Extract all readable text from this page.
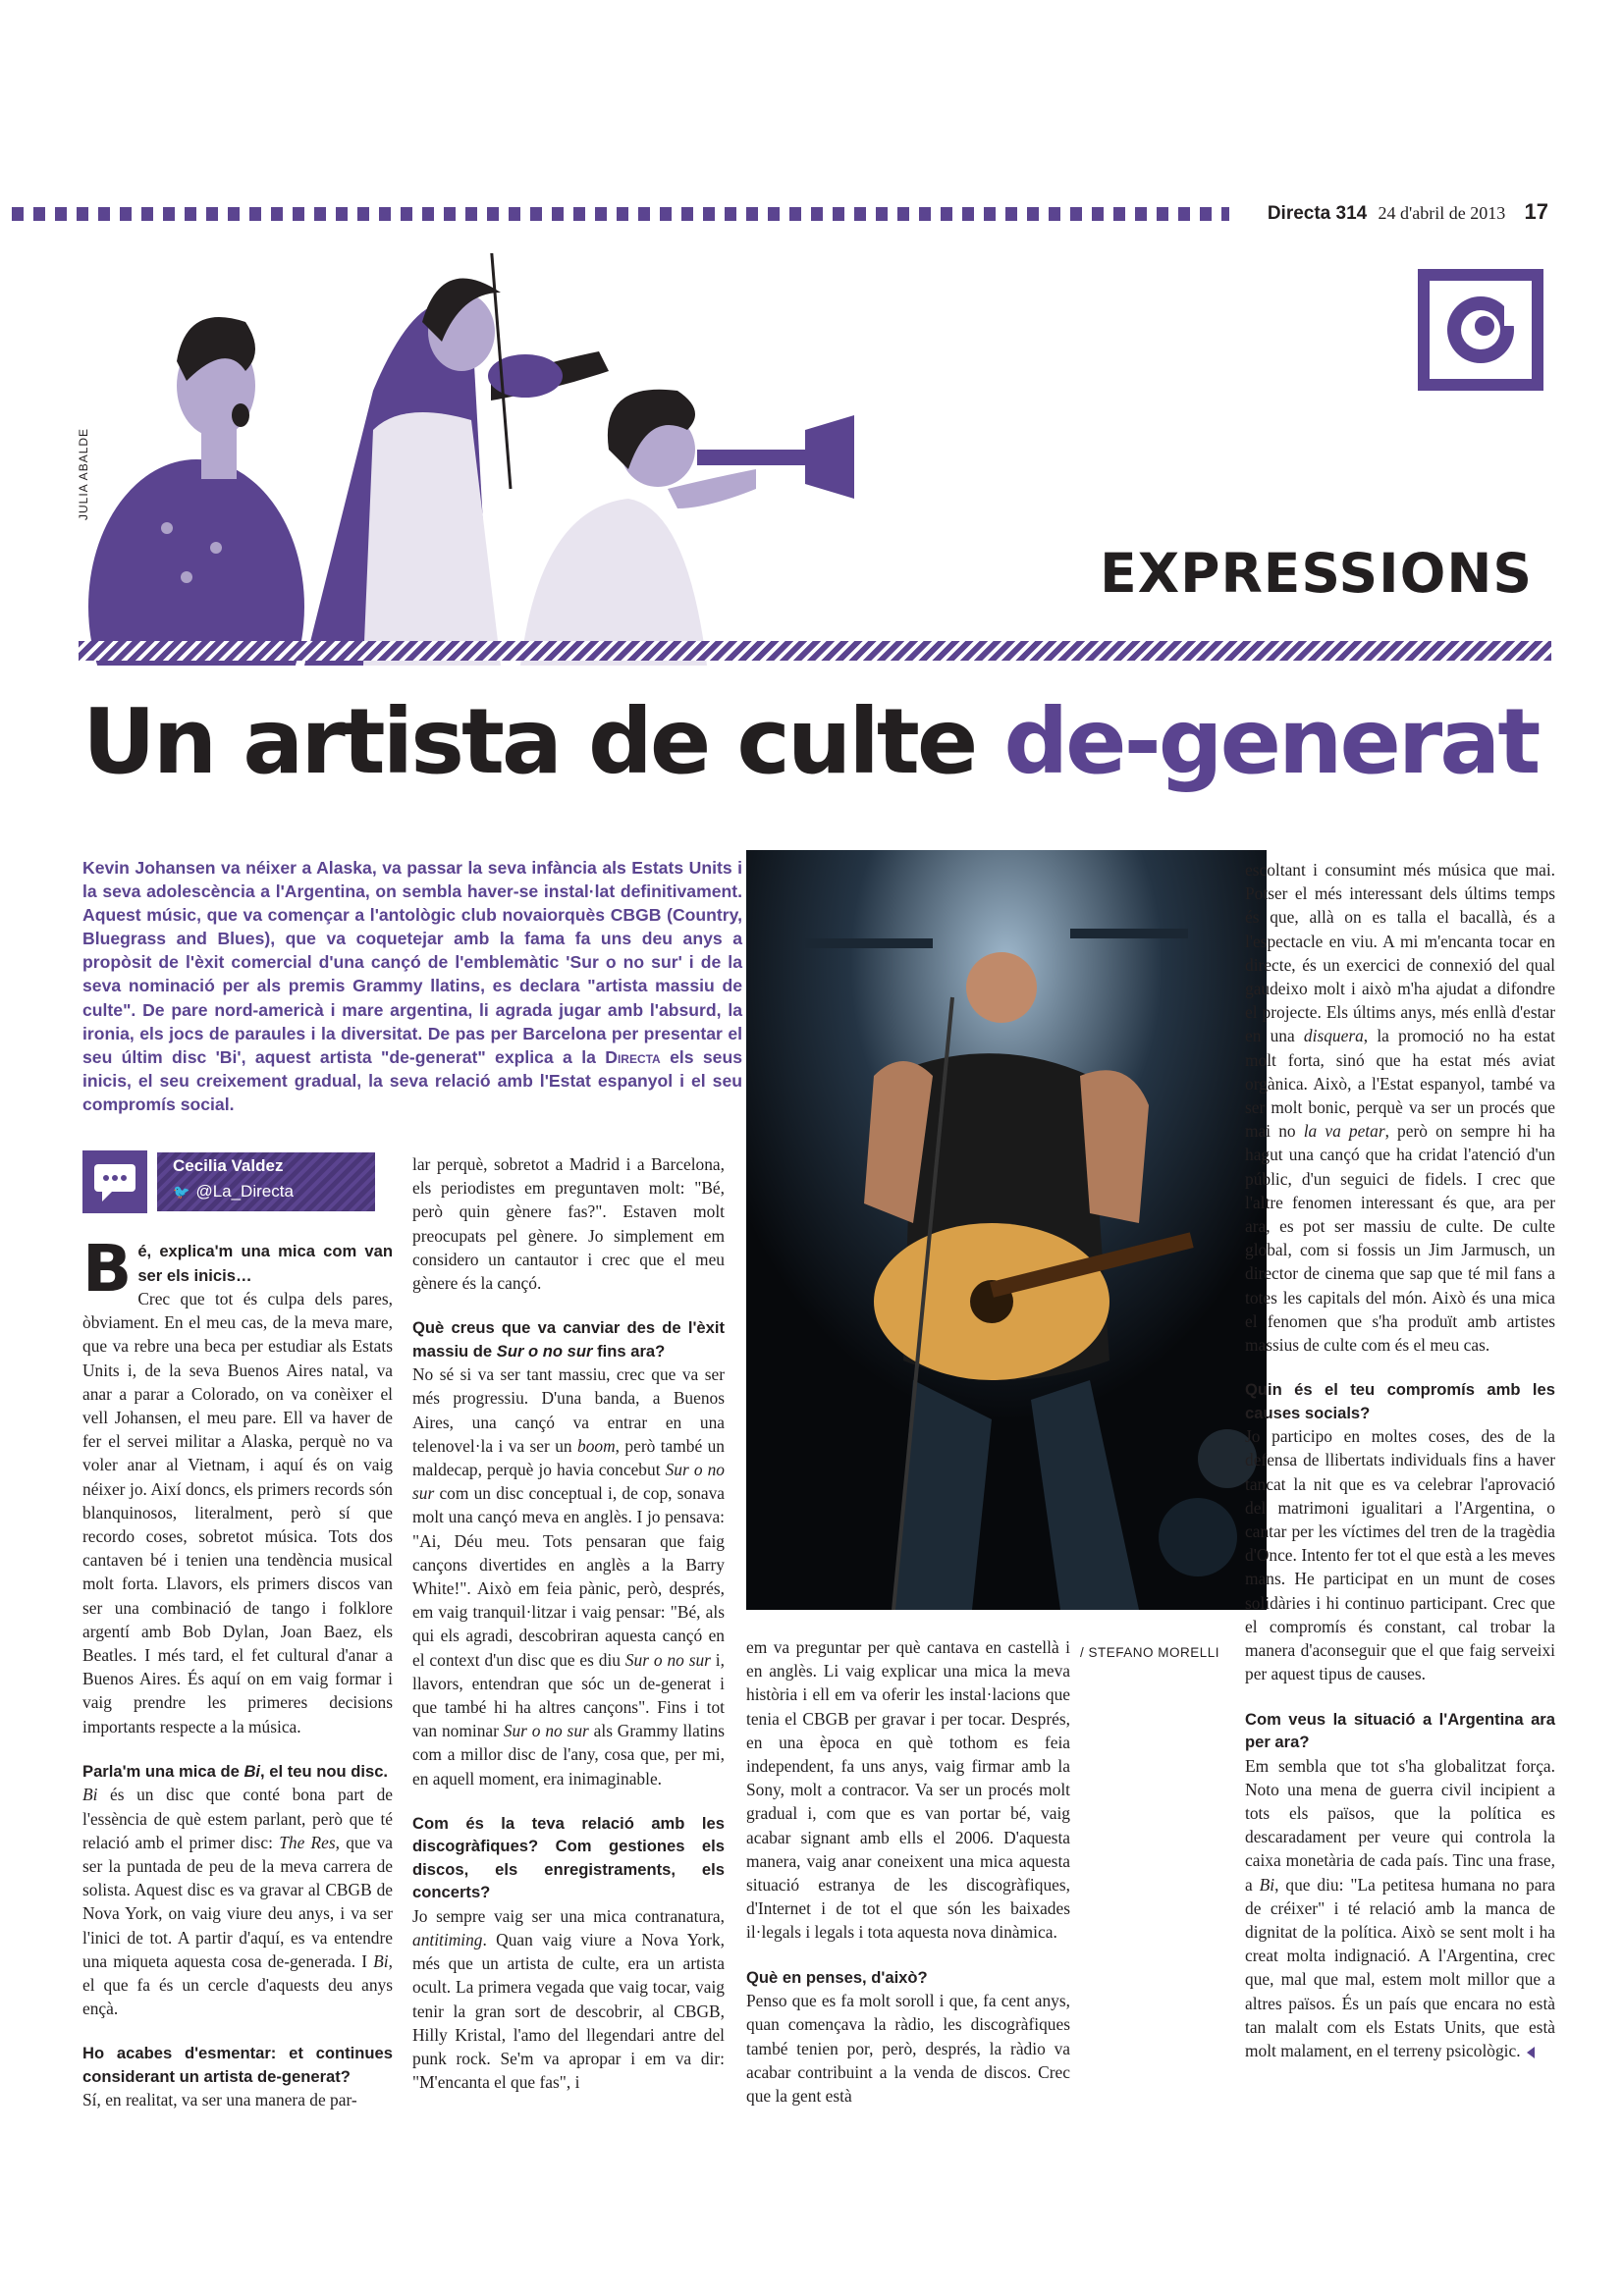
Directa 314 24 d'abril de 2013 17
JULIA ABALDE
EXPRESSIONS
Un artista de culte de-generat
Kevin Johansen va néixer a Alaska, va passar la seva infància als Estats Units i la seva adolescència a l'Argentina, on sembla haver-se instal·lat definitivament. Aquest músic, que va començar a l'antològic club novaiorquès CBGB (Country, Bluegrass and Blues), que va coquetejar amb la fama fa uns deu anys a propòsit de l'èxit comercial d'una cançó de l'emblemàtic 'Sur o no sur' i de la seva nominació per als premis Grammy llatins, es declara "artista massiu de culte". De pare nord-americà i mare argentina, li agrada jugar amb l'absurd, la ironia, els jocs de paraules i la diversitat. De pas per Barcelona per presentar el seu últim disc 'Bi', aquest artista "de-generat" explica a la Directa els seus inicis, el seu creixement gradual, la seva relació amb l'Estat espanyol i el seu compromís social.
Cecilia Valdez
🐦 @La_Directa

Bé, explica'm una mica com van ser els inicis…

Crec que tot és culpa dels pares, òbviament. En el meu cas, de la meva mare, que va rebre una beca per estudiar als Estats Units i, de la seva Buenos Aires natal, va anar a parar a Colorado, on va conèixer el vell Johansen, el meu pare. Ell va haver de fer el servei militar a Alaska, perquè no va voler anar al Vietnam, i aquí és on vaig néixer jo. Així doncs, els primers records són blanquinosos, literalment, però sí que recordo coses, sobretot música. Tots dos cantaven bé i tenien una tendència musical molt forta. Llavors, els primers discos van ser una combinació de tango i folklore argentí amb Bob Dylan, Joan Baez, els Beatles. I més tard, el fet cultural d'anar a Buenos Aires. És aquí on em vaig formar i vaig prendre les primeres decisions importants respecte a la música.

Parla'm una mica de Bi, el teu nou disc.

Bi és un disc que conté bona part de l'essència de què estem parlant, però que té relació amb el primer disc: The Res, que va ser la puntada de peu de la meva carrera de solista. Aquest disc es va gravar al CBGB de Nova York, on vaig viure deu anys, i va ser l'inici de tot. A partir d'aquí, es va entendre una miqueta aquesta cosa de-generada. I Bi, el que fa és un cercle d'aquests deu anys ençà.

Ho acabes d'esmentar: et continues considerant un artista de-generat?

Sí, en realitat, va ser una manera de par-

lar perquè, sobretot a Madrid i a Barcelona, els periodistes em preguntaven molt: "Bé, però quin gènere fas?". Estaven molt preocupats pel gènere. Jo simplement em considero un cantautor i crec que el meu gènere és la cançó.

Què creus que va canviar des de l'èxit massiu de Sur o no sur fins ara?

No sé si va ser tant massiu, crec que va ser més progressiu. D'una banda, a Buenos Aires, una cançó va entrar en una telenovel·la i va ser un boom, però també un maldecap, perquè jo havia concebut Sur o no sur com un disc conceptual i, de cop, sonava molt una cançó meva en anglès. I jo pensava: "Ai, Déu meu. Tots pensaran que faig cançons divertides en anglès a la Barry White!". Això em feia pànic, però, després, em vaig tranquil·litzar i vaig pensar: "Bé, als qui els agradi, descobriran aquesta cançó en el context d'un disc que es diu Sur o no sur i, llavors, entendran que sóc un de-generat i que també hi ha altres cançons". Fins i tot van nominar Sur o no sur als Grammy llatins com a millor disc de l'any, cosa que, per mi, en aquell moment, era inimaginable.

Com és la teva relació amb les discogràfiques? Com gestiones els discos, els enregistraments, els concerts?

Jo sempre vaig ser una mica contranatura, antitiming. Quan vaig viure a Nova York, més que un artista de culte, era un artista ocult. La primera vegada que vaig tocar, vaig tenir la gran sort de descobrir, al CBGB, Hilly Kristal, l'amo del llegendari antre del punk rock. Se'm va apropar i em va dir: "M'encanta el que fas", i

/ STEFANO MORELLI

em va preguntar per què cantava en castellà i en anglès. Li vaig explicar una mica la meva història i ell em va oferir les instal·lacions que tenia el CBGB per gravar i per tocar. Després, en una època en què tothom es feia independent, fa uns anys, vaig firmar amb la Sony, molt a contracor. Va ser un procés molt gradual i, com que es van portar bé, vaig acabar signant amb ells el 2006. D'aquesta manera, vaig anar coneixent una mica aquesta situació estranya de les discogràfiques, d'Internet i de tot el que són les baixades il·legals i legals i tota aquesta nova dinàmica.

Què en penses, d'això?

Penso que es fa molt soroll i que, fa cent anys, quan començava la ràdio, les discogràfiques també tenien por, però, després, la ràdio va acabar contribuint a la venda de discos. Crec que la gent està

escoltant i consumint més música que mai. Potser el més interessant dels últims temps és que, allà on es talla el bacallà, és a l'espectacle en viu. A mi m'encanta tocar en directe, és un exercici de connexió del qual gaudeixo molt i això m'ha ajudat a difondre el projecte. Els últims anys, més enllà d'estar en una disquera, la promoció no ha estat molt forta, sinó que ha estat més aviat orgànica. Això, a l'Estat espanyol, també va ser molt bonic, perquè va ser un procés que mai no la va petar, però on sempre hi ha hagut una cançó que ha cridat l'atenció d'un públic, d'un seguici de fidels. I crec que l'altre fenomen interessant és que, ara per ara, es pot ser massiu de culte. De culte global, com si fossis un Jim Jarmusch, un director de cinema que sap que té mil fans a totes les capitals del món. Això és una mica el fenomen que s'ha produït amb artistes massius de culte com és el meu cas.

Quin és el teu compromís amb les causes socials?

Jo participo en moltes coses, des de la defensa de llibertats individuals fins a haver tancat la nit que es va celebrar l'aprovació del matrimoni igualitari a l'Argentina, o cantar per les víctimes del tren de la tragèdia d'Once. Intento fer tot el que està a les meves mans. He participat en un munt de coses solidàries i hi continuo participant. Crec que el compromís és constant, cal trobar la manera d'aconseguir que el que faig serveixi per aquest tipus de causes.

Com veus la situació a l'Argentina ara per ara?

Em sembla que tot s'ha globalitzat força. Noto una mena de guerra civil incipient a tots els països, que la política es descaradament per veure qui controla la caixa monetària de cada país. Tinc una frase, a Bi, que diu: "La petitesa humana no para de créixer" i té relació amb la manca de dignitat de la política. Això se sent molt i ha creat molta indignació. A l'Argentina, crec que, mal que mal, estem molt millor que a altres països. És un país que encara no està tan malalt com els Estats Units, que està molt malament, en el terreny psicològic.
